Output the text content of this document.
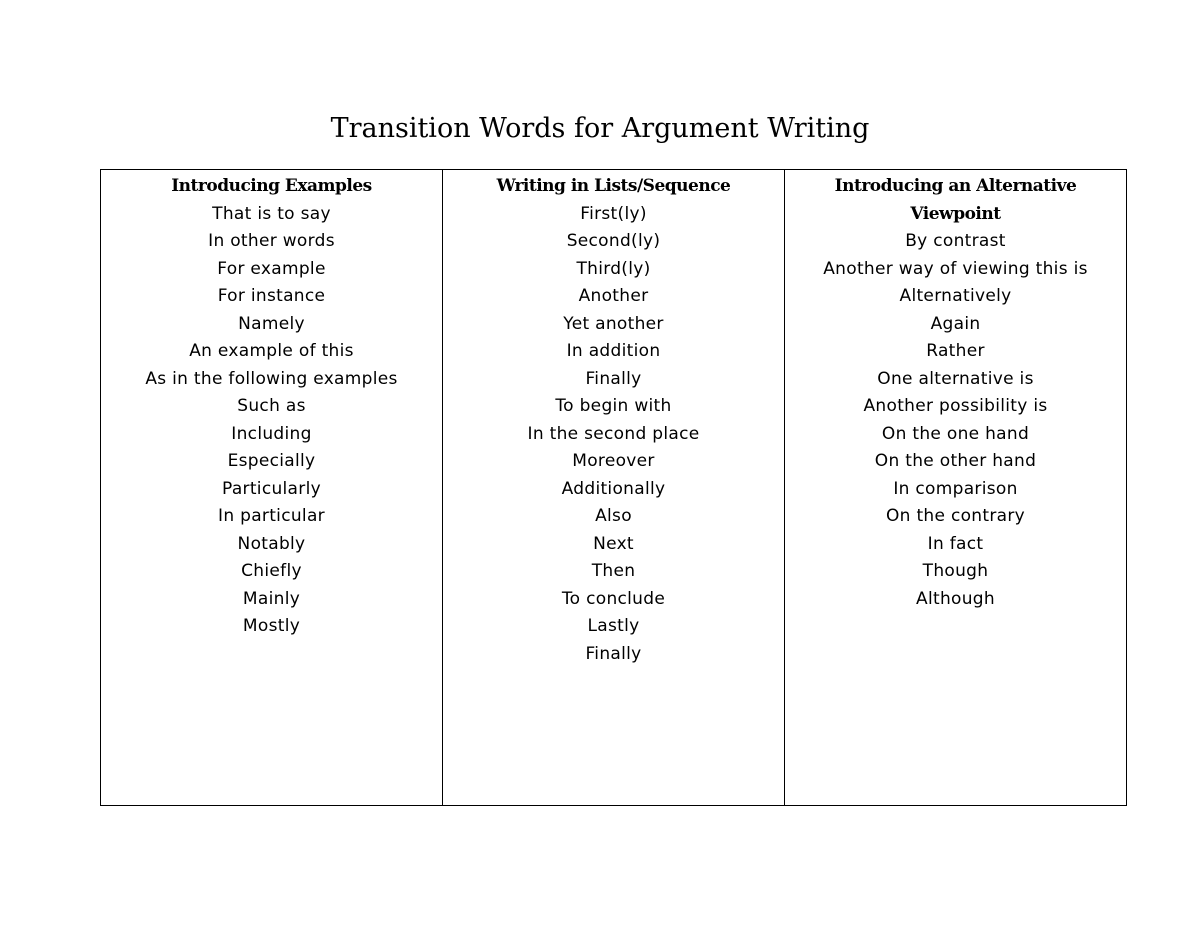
Transition Words for Argument Writing
Introducing Examples
That is to say
In other words
For example
For instance
Namely
An example of this
As in the following examples
Such as
Including
Especially
Particularly
In particular
Notably
Chiefly
Mainly
Mostly

Writing in Lists/Sequence
First(ly)
Second(ly)
Third(ly)
Another
Yet another
In addition
Finally
To begin with
In the second place
Moreover
Additionally
Also
Next
Then
To conclude
Lastly
Finally

Introducing an Alternative Viewpoint
By contrast
Another way of viewing this is
Alternatively
Again
Rather
One alternative is
Another possibility is
On the one hand
On the other hand
In comparison
On the contrary
In fact
Though
Although
